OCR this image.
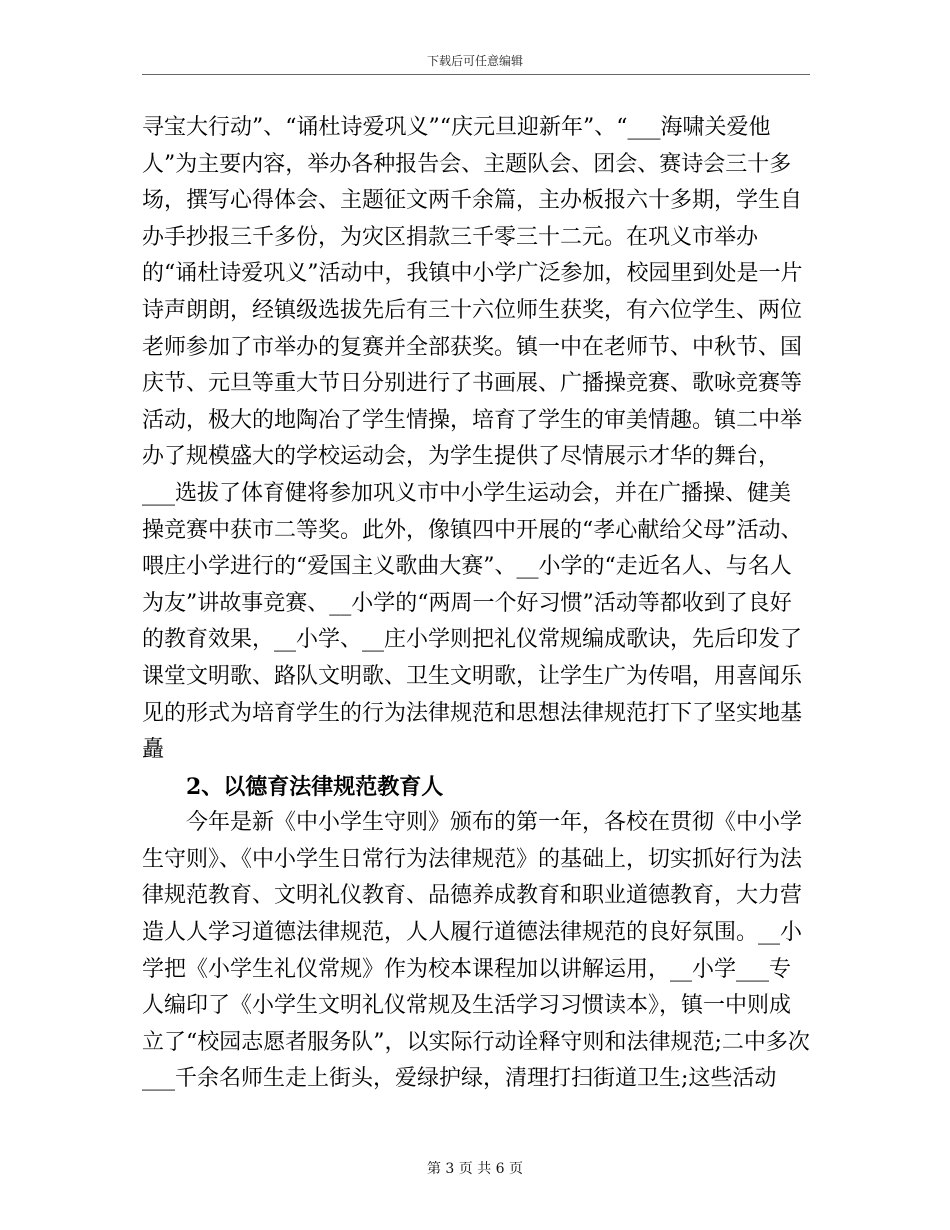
下载后可任意编辑

寻宝大行动”、“诵杜诗爱巩义”“庆元旦迎新年”、“___海啸关爱他人”为主要内容，举办各种报告会、主题队会、团会、赛诗会三十多场，撰写心得体会、主题征文两千余篇，主办板报六十多期，学生自办手抄报三千多份，为灾区捐款三千零三十二元。在巩义市举办的“诵杜诗爱巩义”活动中，我镇中小学广泛参加，校园里到处是一片诗声朗朗，经镇级选拔先后有三十六位师生获奖，有六位学生、两位老师参加了市举办的复赛并全部获奖。镇一中在老师节、中秋节、国庆节、元旦等重大节日分别进行了书画展、广播操竞赛、歌咏竞赛等活动，极大的地陶冶了学生情操，培育了学生的审美情趣。镇二中举办了规模盛大的学校运动会，为学生提供了尽情展示才华的舞台，___选拔了体育健将参加巩义市中小学生运动会，并在广播操、健美操竞赛中获市二等奖。此外，像镇四中开展的“孝心献给父母”活动、喂庄小学进行的“爱国主义歌曲大赛”、__小学的“走近名人、与名人为友”讲故事竞赛、__小学的“两周一个好习惯”活动等都收到了良好的教育效果，__小学、__庄小学则把礼仪常规编成歌诀，先后印发了课堂文明歌、路队文明歌、卫生文明歌，让学生广为传唱，用喜闻乐见的形式为培育学生的行为法律规范和思想法律规范打下了坚实地基矗

2、以德育法律规范教育人

今年是新《中小学生守则》颁布的第一年，各校在贯彻《中小学生守则》、《中小学生日常行为法律规范》的基础上，切实抓好行为法律规范教育、文明礼仪教育、品德养成教育和职业道德教育，大力营造人人学习道德法律规范，人人履行道德法律规范的良好氛围。__小学把《小学生礼仪常规》作为校本课程加以讲解运用，__小学___专人编印了《小学生文明礼仪常规及生活学习习惯读本》，镇一中则成立了“校园志愿者服务队”，以实际行动诠释守则和法律规范;二中多次___千余名师生走上街头，爱绿护绿，清理打扫街道卫生;这些活动

第 3 页 共 6 页
